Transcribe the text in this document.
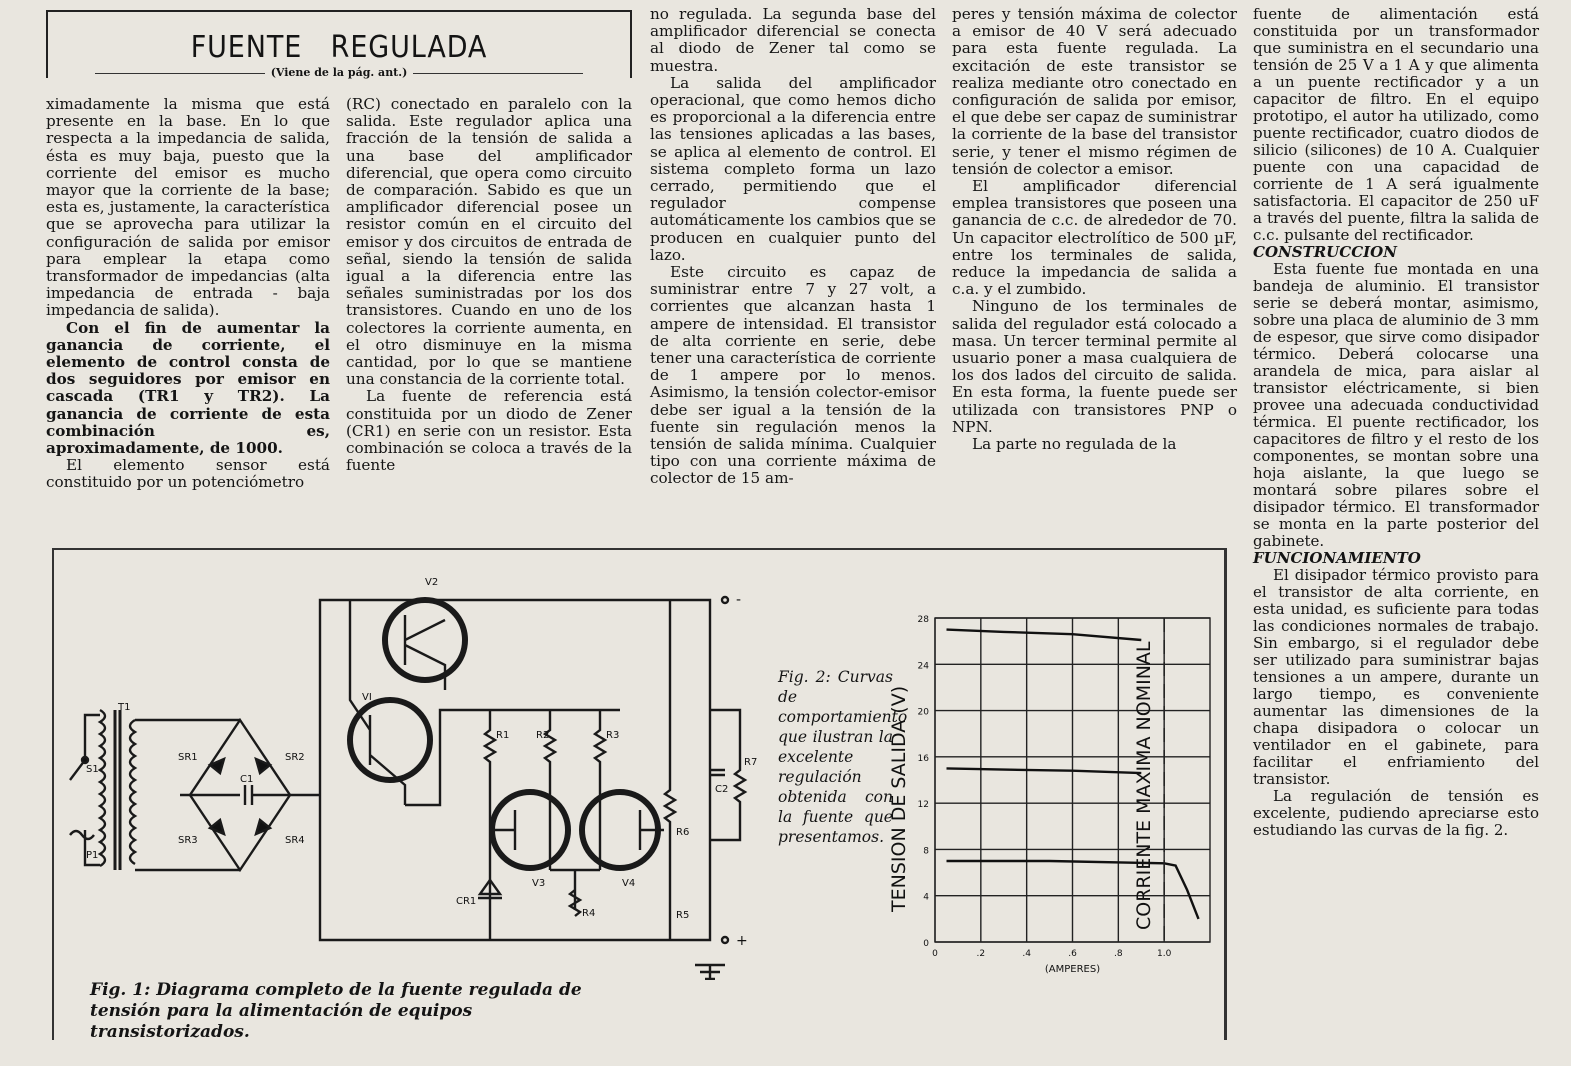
FUENTE   REGULADA
(Viene de la pág. ant.)

ximadamente la misma que está presente en la base. En lo que respecta a la impedancia de salida, ésta es muy baja, puesto que la corriente del emisor es mucho mayor que la corriente de la base; esta es, justamente, la característica que se aprovecha para utilizar la configuración de salida por emisor para emplear la etapa como transformador de impedancias (alta impedancia de entrada - baja impedancia de salida).

Con el fin de aumentar la ganancia de corriente, el elemento de control consta de dos seguidores por emisor en cascada (TR1 y TR2). La ganancia de corriente de esta combinación es, aproximadamente, de 1000.

El elemento sensor está constituido por un potenciómetro

(RC) conectado en paralelo con la salida. Este regulador aplica una fracción de la tensión de salida a una base del amplificador diferencial, que opera como circuito de comparación. Sabido es que un amplificador diferencial posee un resistor común en el circuito del emisor y dos circuitos de entrada de señal, siendo la tensión de salida igual a la diferencia entre las señales suministradas por los dos transistores. Cuando en uno de los colectores la corriente aumenta, en el otro disminuye en la misma cantidad, por lo que se mantiene una constancia de la corriente total.

La fuente de referencia está constituida por un diodo de Zener (CR1) en serie con un resistor. Esta combinación se coloca a través de la fuente

no regulada. La segunda base del amplificador diferencial se conecta al diodo de Zener tal como se muestra.

La salida del amplificador operacional, que como hemos dicho es proporcional a la diferencia entre las tensiones aplicadas a las bases, se aplica al elemento de control. El sistema completo forma un lazo cerrado, permitiendo que el regulador compense automáticamente los cambios que se producen en cualquier punto del lazo.

Este circuito es capaz de suministrar entre 7 y 27 volt, a corrientes que alcanzan hasta 1 ampere de intensidad. El transistor de alta corriente en serie, debe tener una característica de corriente de 1 ampere por lo menos. Asimismo, la tensión colector-emisor debe ser igual a la tensión de la fuente sin regulación menos la tensión de salida mínima. Cualquier tipo con una corriente máxima de colector de 15 am-

peres y tensión máxima de colector a emisor de 40 V será adecuado para esta fuente regulada. La excitación de este transistor se realiza mediante otro conectado en configuración de salida por emisor, el que debe ser capaz de suministrar la corriente de la base del transistor serie, y tener el mismo régimen de tensión de colector a emisor.

El amplificador diferencial emplea transistores que poseen una ganancia de c.c. de alrededor de 70. Un capacitor electrolítico de 500 µF, entre los terminales de salida, reduce la impedancia de salida a c.a. y el zumbido.

Ninguno de los terminales de salida del regulador está colocado a masa. Un tercer terminal permite al usuario poner a masa cualquiera de los dos lados del circuito de salida. En esta forma, la fuente puede ser utilizada con transistores PNP o NPN.

La parte no regulada de la

fuente de alimentación está constituida por un transformador que suministra en el secundario una tensión de 25 V a 1 A y que alimenta a un puente rectificador y a un capacitor de filtro. En el equipo prototipo, el autor ha utilizado, como puente rectificador, cuatro diodos de silicio (silicones) de 10 A. Cualquier puente con una capacidad de corriente de 1 A será igualmente satisfactoria. El capacitor de 250 uF a través del puente, filtra la salida de c.c. pulsante del rectificador.

CONSTRUCCION

Esta fuente fue montada en una bandeja de aluminio. El transistor serie se deberá montar, asimismo, sobre una placa de aluminio de 3 mm de espesor, que sirve como disipador térmico. Deberá colocarse una arandela de mica, para aislar al transistor eléctricamente, si bien provee una adecuada conductividad térmica. El puente rectificador, los capacitores de filtro y el resto de los componentes, se montan sobre una hoja aislante, la que luego se montará sobre pilares sobre el disipador térmico. El transformador se monta en la parte posterior del gabinete.

FUNCIONAMIENTO

El disipador térmico provisto para el transistor de alta corriente, en esta unidad, es suficiente para todas las condiciones normales de trabajo. Sin embargo, si el regulador debe ser utilizado para suministrar bajas tensiones a un ampere, durante un largo tiempo, es conveniente aumentar las dimensiones de la chapa disipadora o colocar un ventilador en el gabinete, para facilitar el enfriamiento del transistor.

La regulación de tensión es excelente, pudiendo apreciarse esto estudiando las curvas de la fig. 2.

T1
S1
P1
SR1	SR2
SR3	SR4
C1
V2
VI
R1	R2	R3
V3	V4
R4
CR1
R6
R5
C2
R7
-
+
Fig. 1: Diagrama completo de la fuente regulada de tensión para la alimentación de equipos transistorizados.
Fig. 2: Curvas de comportamiento que ilustran la excelente regulación obtenida con la fuente que presentamos.
0
4
8
12
16
20
24
28
0	.2	.4	.6	.8	1.0
CORRIENTE MAXIMA NOMINAL
TENSION DE SALIDA (V)
(AMPERES)
